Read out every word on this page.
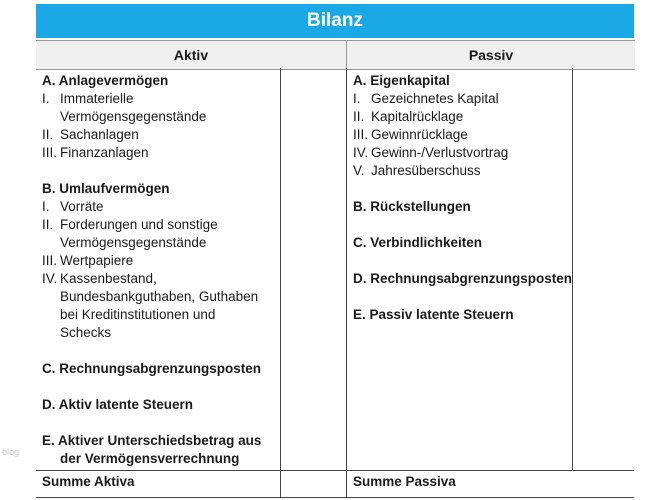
Bilanz
Aktiv	Passiv
A. Anlagevermögen
I. Immaterielle
Vermögensgegenstände
II. Sachanlagen
III. Finanzanlagen
B. Umlaufvermögen
I. Vorräte
II. Forderungen und sonstige
Vermögensgegenstände
III. Wertpapiere
IV. Kassenbestand,
Bundesbankguthaben, Guthaben
bei Kreditinstitutionen und
Schecks
C. Rechnungsabgrenzungsposten
D. Aktiv latente Steuern
E. Aktiver Unterschiedsbetrag aus
der Vermögensverrechnung
A. Eigenkapital
I. Gezeichnetes Kapital
II. Kapitalrücklage
III. Gewinnrücklage
IV. Gewinn-/Verlustvortrag
V. Jahresüberschuss
B. Rückstellungen
C. Verbindlichkeiten
D. Rechnungsabgrenzungsposten
E. Passiv latente Steuern
Summe Aktiva	Summe Passiva
blog
